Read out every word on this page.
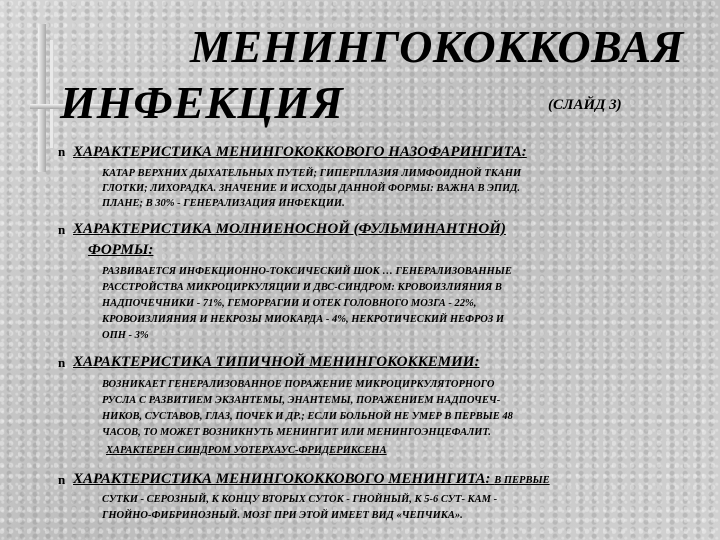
МЕНИНГОКОККОВАЯ
ИНФЕКЦИЯ	(СЛАЙД 3)
n ХАРАКТЕРИСТИКА МЕНИНГОКОККОВОГО НАЗОФАРИНГИТА:
КАТАР ВЕРХНИХ ДЫХАТЕЛЬНЫХ ПУТЕЙ; ГИПЕРПЛАЗИЯ ЛИМФОИДНОЙ ТКАНИ
ГЛОТКИ; ЛИХОРАДКА. ЗНАЧЕНИЕ И ИСХОДЫ ДАННОЙ ФОРМЫ: ВАЖНА В ЭПИД.
ПЛАНЕ; В 30% - ГЕНЕРАЛИЗАЦИЯ ИНФЕКЦИИ.
n ХАРАКТЕРИСТИКА МОЛНИЕНОСНОЙ (ФУЛЬМИНАНТНОЙ)
ФОРМЫ:
РАЗВИВАЕТСЯ ИНФЕКЦИОННО-ТОКСИЧЕСКИЙ ШОК … ГЕНЕРАЛИЗОВАННЫЕ
РАССТРОЙСТВА МИКРОЦИРКУЛЯЦИИ И ДВС-СИНДРОМ: КРОВОИЗЛИЯНИЯ В
НАДПОЧЕЧНИКИ - 71%, ГЕМОРРАГИИ И ОТЕК ГОЛОВНОГО МОЗГА - 22%,
КРОВОИЗЛИЯНИЯ И НЕКРОЗЫ МИОКАРДА - 4%, НЕКРОТИЧЕСКИЙ НЕФРОЗ И
ОПН - 3%
n ХАРАКТЕРИСТИКА ТИПИЧНОЙ МЕНИНГОКОККЕМИИ:
ВОЗНИКАЕТ ГЕНЕРАЛИЗОВАННОЕ ПОРАЖЕНИЕ МИКРОЦИРКУЛЯТОРНОГО
РУСЛА С РАЗВИТИЕМ ЭКЗАНТЕМЫ, ЭНАНТЕМЫ, ПОРАЖЕНИЕМ НАДПОЧЕЧ-
НИКОВ, СУСТАВОВ, ГЛАЗ, ПОЧЕК И ДР.; ЕСЛИ БОЛЬНОЙ НЕ УМЕР В ПЕРВЫЕ 48
ЧАСОВ, ТО МОЖЕТ ВОЗНИКНУТЬ МЕНИНГИТ ИЛИ МЕНИНГОЭНЦЕФАЛИТ.
ХАРАКТЕРЕН СИНДРОМ УОТЕРХАУС-ФРИДЕРИКСЕНА
n ХАРАКТЕРИСТИКА МЕНИНГОКОККОВОГО МЕНИНГИТА: В ПЕРВЫЕ
СУТКИ - СЕРОЗНЫЙ, К КОНЦУ ВТОРЫХ СУТОК - ГНОЙНЫЙ, К 5-6 СУТ- КАМ -
ГНОЙНО-ФИБРИНОЗНЫЙ. МОЗГ ПРИ ЭТОЙ ИМЕЕТ ВИД «ЧЕПЧИКА».
